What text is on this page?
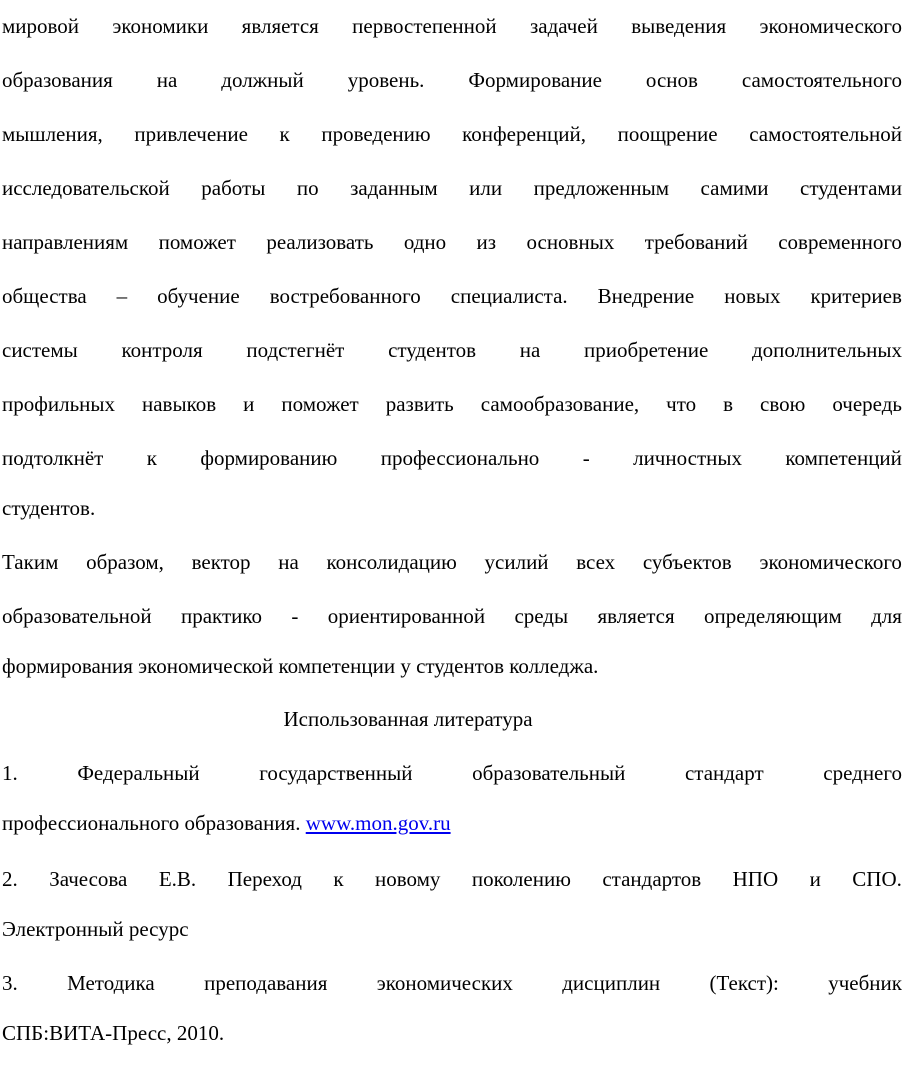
мировой экономики является первостепенной задачей выведения экономического
образования на должный уровень. Формирование основ самостоятельного
мышления, привлечение к проведению конференций, поощрение самостоятельной
исследовательской работы по заданным или предложенным самими студентами
направлениям поможет реализовать одно из основных требований современного
общества – обучение востребованного специалиста. Внедрение новых критериев
системы контроля подстегнёт студентов на приобретение дополнительных
профильных навыков и поможет развить самообразование, что в свою очередь
подтолкнёт к формированию профессионально - личностных компетенций
студентов.
Таким образом, вектор на консолидацию усилий всех субъектов экономического
образовательной практико - ориентированной среды является определяющим для
формирования экономической компетенции у студентов колледжа.
Использованная литература
1.	Федеральный	государственный	образовательный	стандарт	среднего
профессионального образования. www.mon.gov.ru
2. Зачесова Е.В. Переход к новому поколению стандартов НПО и СПО.
Электронный ресурс
3. Методика преподавания экономических дисциплин (Текст): учебник
СПБ:ВИТА-Пресс, 2010.
